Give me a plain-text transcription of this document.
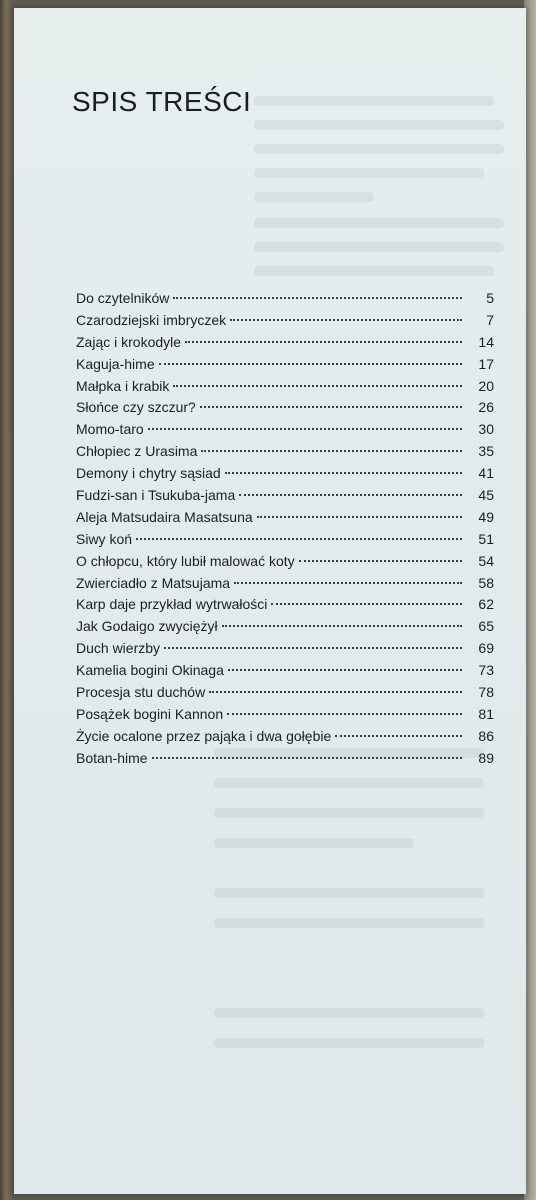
SPIS TREŚCI
Do czytelników	5
Czarodziejski imbryczek	7
Zając i krokodyle	14
Kaguja-hime	17
Małpka i krabik	20
Słońce czy szczur?	26
Momo-taro	30
Chłopiec z Urasima	35
Demony i chytry sąsiad	41
Fudzi-san i Tsukuba-jama	45
Aleja Matsudaira Masatsuna	49
Siwy koń	51
O chłopcu, który lubił malować koty	54
Zwierciadło z Matsujama	58
Karp daje przykład wytrwałości	62
Jak Godaigo zwyciężył	65
Duch wierzby	69
Kamelia bogini Okinaga	73
Procesja stu duchów	78
Posążek bogini Kannon	81
Życie ocalone przez pająka i dwa gołębie	86
Botan-hime	89
